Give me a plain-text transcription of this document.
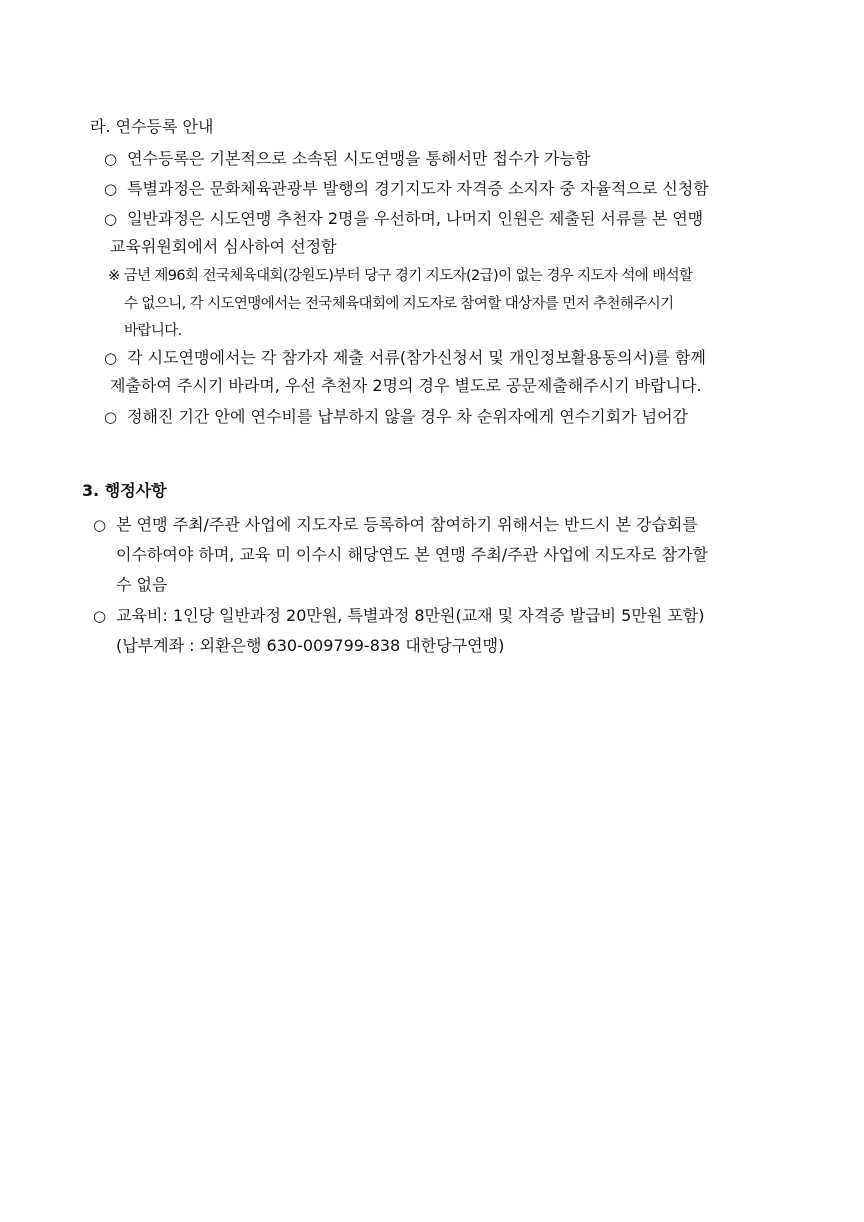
라. 연수등록 안내
○ 연수등록은 기본적으로 소속된 시도연맹을 통해서만 접수가 가능함
○ 특별과정은 문화체육관광부 발행의 경기지도자 자격증 소지자 중 자율적으로 신청함
○ 일반과정은 시도연맹 추천자 2명을 우선하며, 나머지 인원은 제출된 서류를 본 연맹
교육위원회에서 심사하여 선정함
※ 금년 제96회 전국체육대회(강원도)부터 당구 경기 지도자(2급)이 없는 경우 지도자 석에 배석할
수 없으니, 각 시도연맹에서는 전국체육대회에 지도자로 참여할 대상자를 먼저 추천해주시기
바랍니다.
○ 각 시도연맹에서는 각 참가자 제출 서류(참가신청서 및 개인정보활용동의서)를 함께
제출하여 주시기 바라며, 우선 추천자 2명의 경우 별도로 공문제출해주시기 바랍니다.
○ 정해진 기간 안에 연수비를 납부하지 않을 경우 차 순위자에게 연수기회가 넘어감
3. 행정사항
○ 본 연맹 주최/주관 사업에 지도자로 등록하여 참여하기 위해서는 반드시 본 강습회를
이수하여야 하며, 교육 미 이수시 해당연도 본 연맹 주최/주관 사업에 지도자로 참가할
수 없음
○ 교육비: 1인당 일반과정 20만원, 특별과정 8만원(교재 및 자격증 발급비 5만원 포함)
(납부계좌 : 외환은행 630-009799-838 대한당구연맹)
